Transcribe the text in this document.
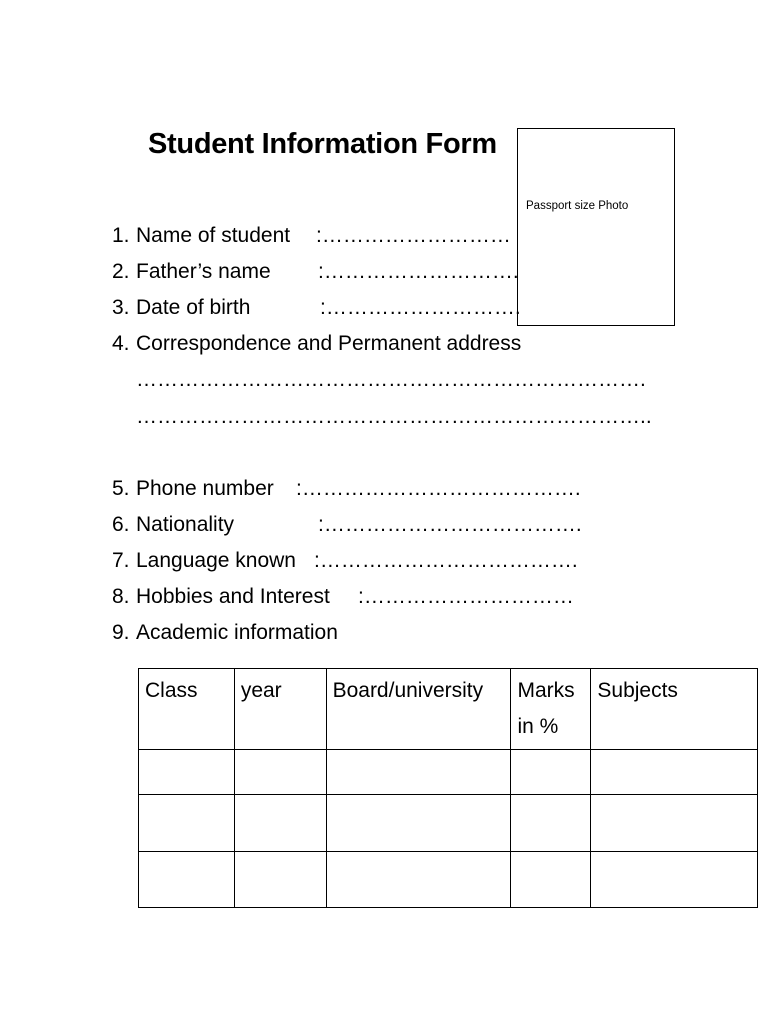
Student Information Form
Passport size Photo
1. Name of student :………………………
2. Father’s name :……………………….
3. Date of birth	:……………………….
4. Correspondence and Permanent address
……………………………………………………………….
………………………………………………………………..
5. Phone number :………………………………….
6. Nationality	:……………………………….
7. Language known :……………………………….
8. Hobbies and Interest :…………………………
9. Academic information
Class	year	Board/university	Marks in %	Subjects
